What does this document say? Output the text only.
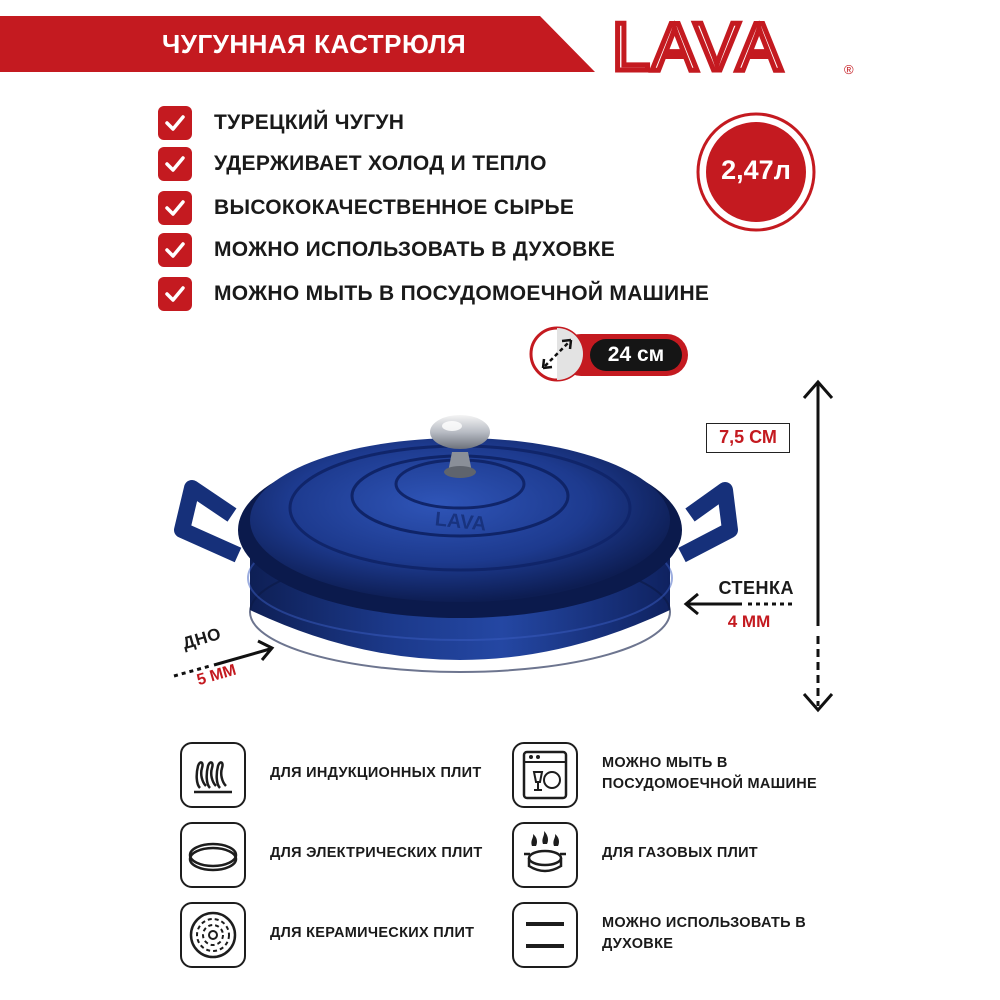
ЧУГУННАЯ КАСТРЮЛЯ LAVA	®
ТУРЕЦКИЙ ЧУГУН
УДЕРЖИВАЕТ ХОЛОД И ТЕПЛО
ВЫСОКОКАЧЕСТВЕННОЕ СЫРЬЕ
МОЖНО ИСПОЛЬЗОВАТЬ В ДУХОВКЕ
МОЖНО МЫТЬ В ПОСУДОМОЕЧНОЙ МАШИНЕ
2,47л
24 см
LAVA
7,5 СМ
СТЕНКА
4 ММ
ДНО
5 ММ
ДЛЯ ИНДУКЦИОННЫХ ПЛИТ
ДЛЯ ЭЛЕКТРИЧЕСКИХ ПЛИТ
ДЛЯ КЕРАМИЧЕСКИХ ПЛИТ
МОЖНО МЫТЬ В
ПОСУДОМОЕЧНОЙ МАШИНЕ
ДЛЯ ГАЗОВЫХ ПЛИТ
МОЖНО ИСПОЛЬЗОВАТЬ В
ДУХОВКЕ
